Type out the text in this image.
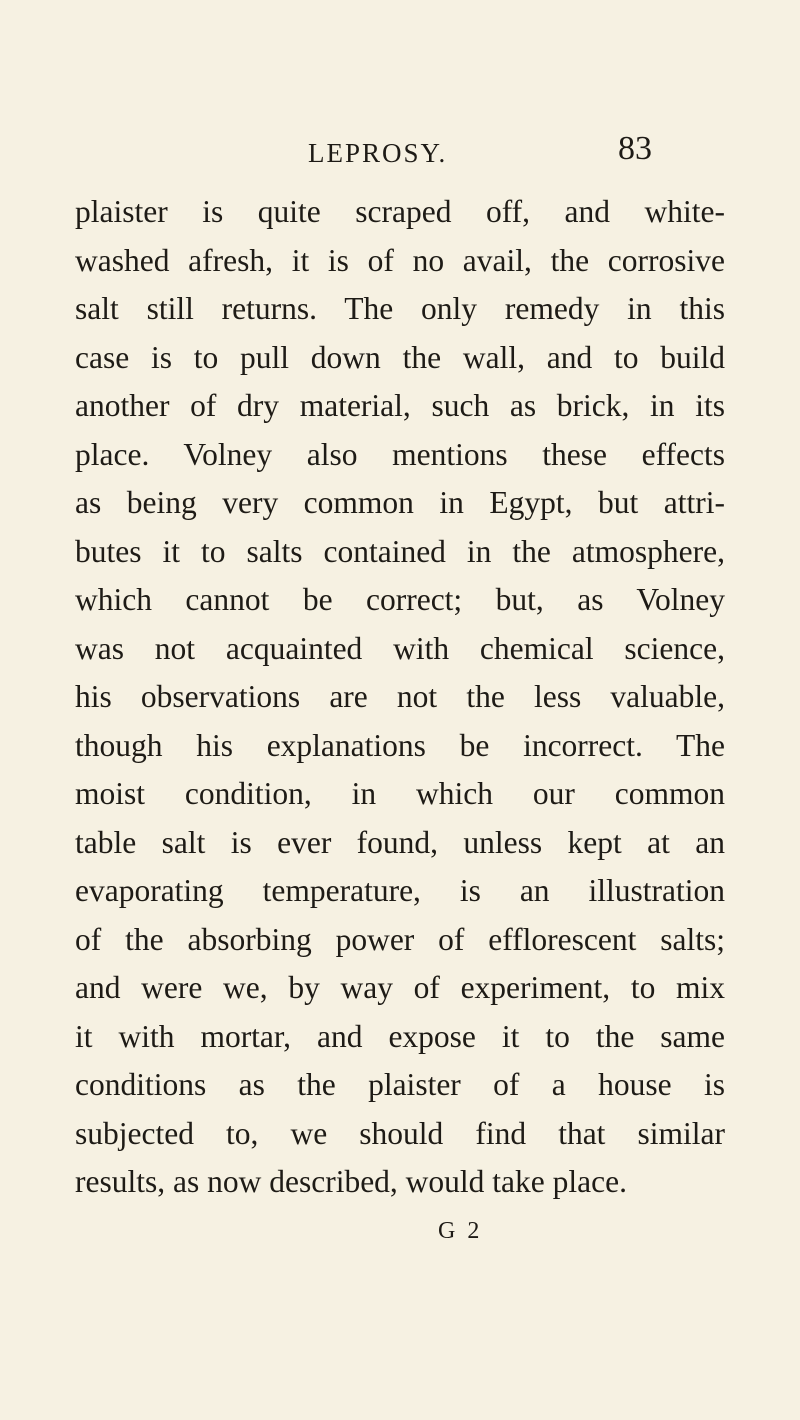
LEPROSY.	83
plaister is quite scraped off, and white-
washed afresh, it is of no avail, the corrosive
salt still returns. The only remedy in this
case is to pull down the wall, and to build
another of dry material, such as brick, in its
place. Volney also mentions these effects
as being very common in Egypt, but attri-
butes it to salts contained in the atmosphere,
which cannot be correct; but, as Volney
was not acquainted with chemical science,
his observations are not the less valuable,
though his explanations be incorrect. The
moist condition, in which our common
table salt is ever found, unless kept at an
evaporating temperature, is an illustration
of the absorbing power of efflorescent salts;
and were we, by way of experiment, to mix
it with mortar, and expose it to the same
conditions as the plaister of a house is
subjected to, we should find that similar
results, as now described, would take place.
G 2
